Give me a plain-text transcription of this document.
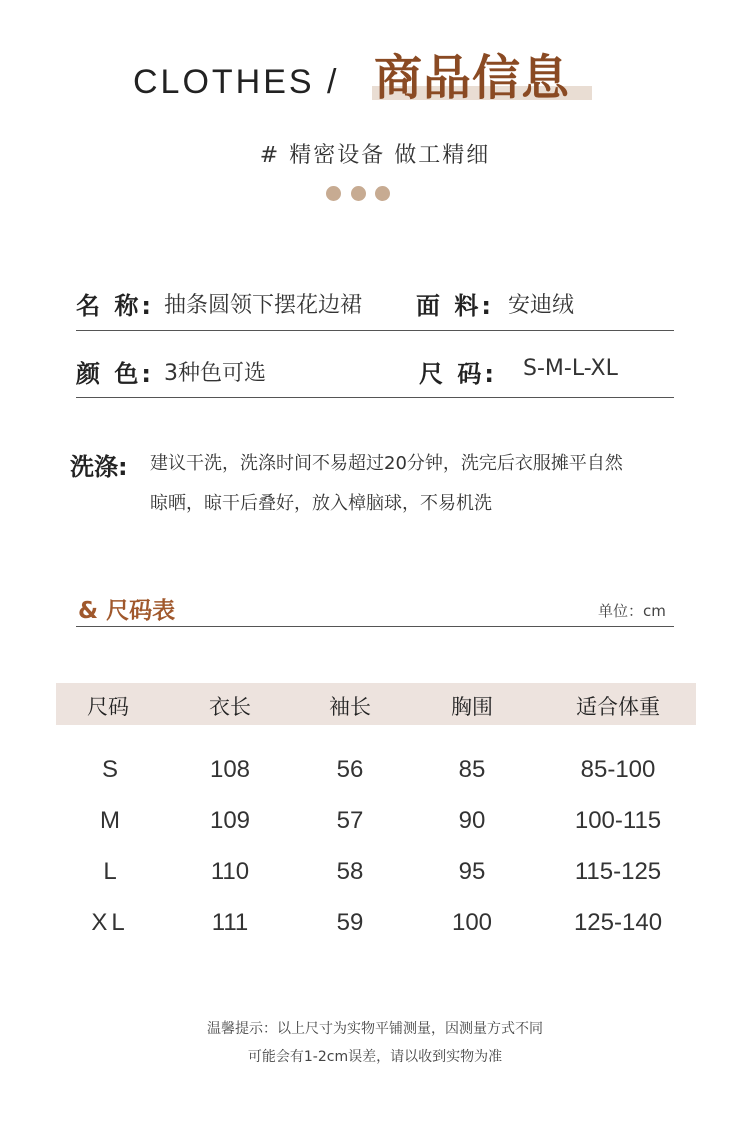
CLOTHES / 商品信息
# 精密设备 做工精细
名 称: 抽条圆领下摆花边裙 面 料: 安迪绒
颜 色: 3种色可选	尺 码: S-M-L-XL
洗涤: 建议干洗，洗涤时间不易超过20分钟，洗完后衣服摊平自然
晾晒，晾干后叠好，放入樟脑球，不易机洗
& 尺码表	单位：cm
尺码	衣长	袖长	胸围	适合体重
S	108	56	85	85-100
M	109	57	90	100-115
L	110	58	95	115-125
XL	111	59	100	125-140
温馨提示：以上尺寸为实物平铺测量，因测量方式不同
可能会有1-2cm误差，请以收到实物为准
